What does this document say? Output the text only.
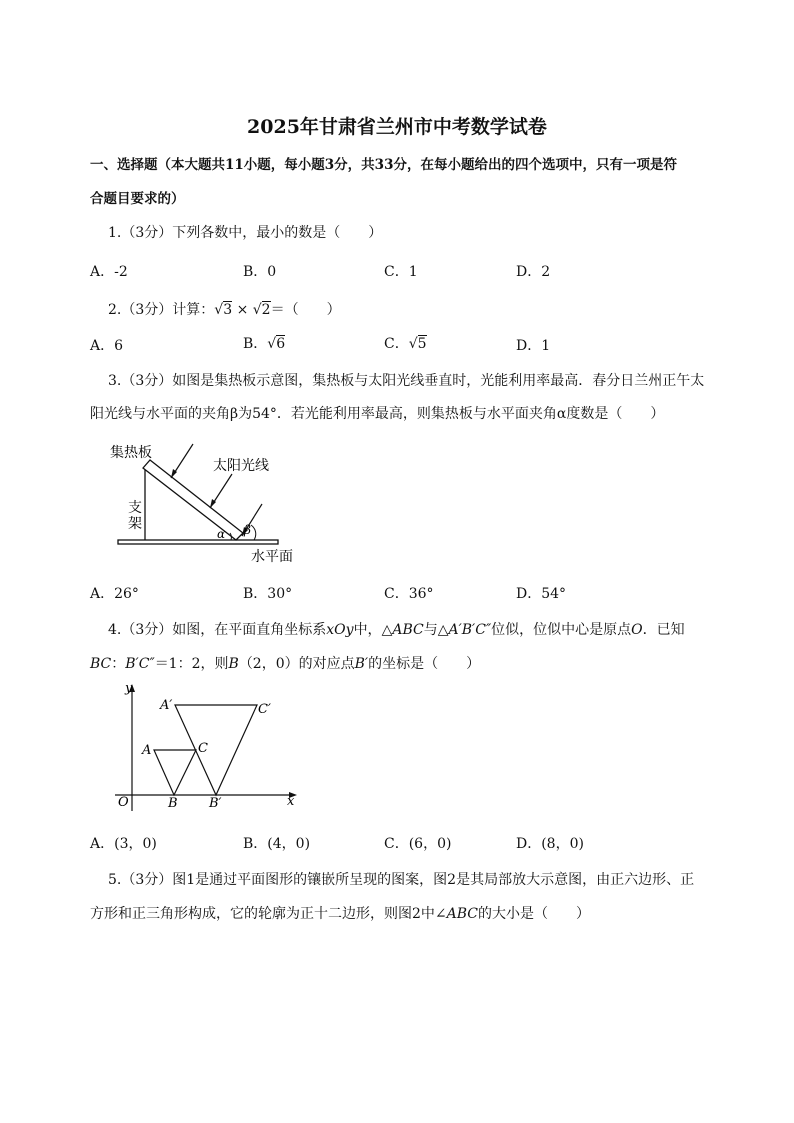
2025年甘肃省兰州市中考数学试卷
一、选择题（本大题共11小题，每小题3分，共33分，在每小题给出的四个选项中，只有一项是符
合题目要求的）
1.（3分）下列各数中，最小的数是（　　）
A．-2	B．0	C．1	D．2
2.（3分）计算：√3 × √2＝（　　）
A．6	B．√6	C．√5	D．1
3.（3分）如图是集热板示意图，集热板与太阳光线垂直时，光能利用率最高．春分日兰州正午太
阳光线与水平面的夹角β为54°．若光能利用率最高，则集热板与水平面夹角α度数是（　　）
集热板
太阳光线
支
架
水平面
α β
A．26°	B．30°	C．36°	D．54°
4.（3分）如图，在平面直角坐标系xOy中，△ABC与△A′B′C″位似，位似中心是原点O．已知
BC：B′C″＝1：2，则B（2，0）的对应点B′的坐标是（　　）
y
x
O
A
B
C
A′
B′
C′
A．(3，0)	B．(4，0)	C．(6，0)	D．(8，0)
5.（3分）图1是通过平面图形的镶嵌所呈现的图案，图2是其局部放大示意图，由正六边形、正
方形和正三角形构成，它的轮廓为正十二边形，则图2中∠ABC的大小是（　　）
